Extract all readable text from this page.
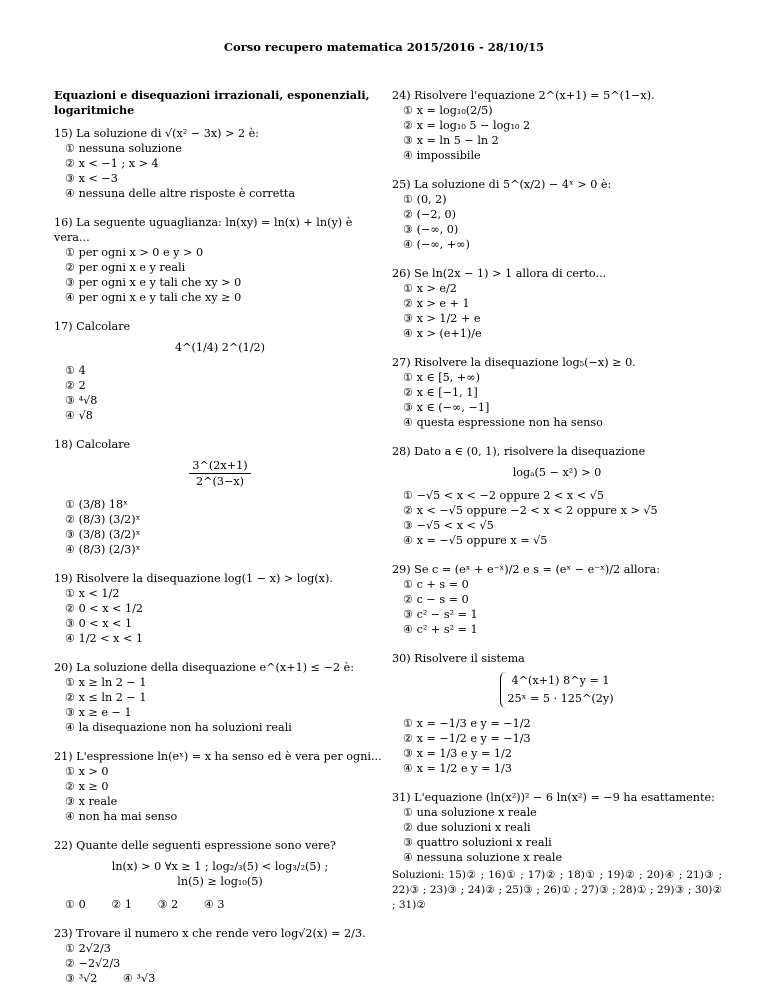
Corso recupero matematica 2015/2016 - 28/10/15
Equazioni e disequazioni irrazionali, esponenziali, logaritmiche
15) La soluzione di √(x² − 3x) > 2 è:
① nessuna soluzione
② x < −1 ; x > 4
③ x < −3
④ nessuna delle altre risposte è corretta
16) La seguente uguaglianza: ln(xy) = ln(x) + ln(y) è vera...
① per ogni x > 0 e y > 0
② per ogni x e y reali
③ per ogni x e y tali che xy > 0
④ per ogni x e y tali che xy ≥ 0
17) Calcolare
4^(1/4) 2^(1/2)
① 4
② 2
③ ⁴√8
④ √8
18) Calcolare
$\frac{3\^{}(2x+1)}{2\^{}(3-x)}$
① (3/8) 18ˣ
② (8/3) (3/2)ˣ
③ (3/8) (3/2)ˣ
④ (8/3) (2/3)ˣ
19) Risolvere la disequazione log(1 − x) > log(x).
① x < 1/2
② 0 < x < 1/2
③ 0 < x < 1
④ 1/2 < x < 1
20) La soluzione della disequazione e^(x+1) ≤ −2 è:
① x ≥ ln 2 − 1
② x ≤ ln 2 − 1
③ x ≥ e − 1
④ la disequazione non ha soluzioni reali
21) L'espressione ln(eˣ) = x ha senso ed è vera per ogni...
① x > 0
② x ≥ 0
③ x reale
④ non ha mai senso
22) Quante delle seguenti espressione sono vere?
ln(x) > 0 ∀x ≥ 1 ; log₂/₃(5) < log₃/₂(5) ;
ln(5) ≥ log₁₀(5)
① 0 ② 1 ③ 2 ④ 3
23) Trovare il numero x che rende vero log√2(x) = 2/3.
① 2√2/3
② −2√2/3
③ ³√2 ④ ³√3
24) Risolvere l'equazione 2^(x+1) = 5^(1−x).
① x = log₁₀(2/5)
② x = log₁₀ 5 − log₁₀ 2
③ x = ln 5 − ln 2
④ impossibile
25) La soluzione di 5^(x/2) − 4ˣ > 0 è:
① (0, 2)
② (−2, 0)
③ (−∞, 0)
④ (−∞, +∞)
26) Se ln(2x − 1) > 1 allora di certo...
① x > e/2
② x > e + 1
③ x > 1/2 + e
④ x > (e+1)/e
27) Risolvere la disequazione log₅(−x) ≥ 0.
① x ∈ [5, +∞)
② x ∈ [−1, 1]
③ x ∈ (−∞, −1]
④ questa espressione non ha senso
28) Dato a ∈ (0, 1), risolvere la disequazione
logₐ(5 − x²) > 0
① −√5 < x < −2 oppure 2 < x < √5
② x < −√5 oppure −2 < x < 2 oppure x > √5
③ −√5 < x < √5
④ x = −√5 oppure x = √5
29) Se c = (eˣ + e⁻ˣ)/2 e s = (eˣ − e⁻ˣ)/2 allora:
① c + s = 0
② c − s = 0
③ c² − s² = 1
④ c² + s² = 1
30) Risolvere il sistema
4^(x+1) 8^y = 1
25ˣ = 5 · 125^(2y)
① x = −1/3 e y = −1/2
② x = −1/2 e y = −1/3
③ x = 1/3 e y = 1/2
④ x = 1/2 e y = 1/3
31) L'equazione (ln(x²))² − 6 ln(x²) = −9 ha esattamente:
① una soluzione x reale
② due soluzioni x reali
③ quattro soluzioni x reali
④ nessuna soluzione x reale
Soluzioni: 15)② ; 16)① ; 17)② ; 18)① ; 19)② ; 20)④ ; 21)③ ; 22)③ ; 23)③ ; 24)② ; 25)③ ; 26)① ; 27)③ ; 28)① ; 29)③ ; 30)② ; 31)②
